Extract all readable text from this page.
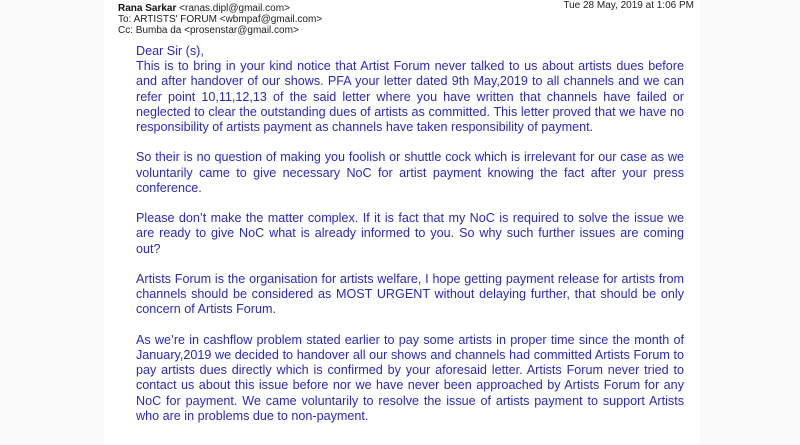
Rana Sarkar <ranas.dipl@gmail.com>
To: ARTISTS' FORUM <wbmpaf@gmail.com>
Cc: Bumba da <prosenstar@gmail.com>
Tue 28 May, 2019 at 1:06 PM

Dear Sir (s),

This is to bring in your kind notice that Artist Forum never talked to us about artists dues before and after handover of our shows. PFA your letter dated 9th May,2019 to all channels and we can refer point 10,11,12,13 of the said letter where you have written that channels have failed or neglected to clear the outstanding dues of artists as committed. This letter proved that we have no responsibility of artists payment as channels have taken responsibility of payment.

So their is no question of making you foolish or shuttle cock which is irrelevant for our case as we voluntarily came to give necessary NoC for artist payment knowing the fact after your press conference.

Please don’t make the matter complex. If it is fact that my NoC is required to solve the issue we are ready to give NoC what is already informed to you. So why such further issues are coming out?

Artists Forum is the organisation for artists welfare, I hope getting payment release for artists from channels should be considered as MOST URGENT without delaying further, that should be only concern of Artists Forum.

As we’re in cashflow problem stated earlier to pay some artists in proper time since the month of January,2019 we decided to handover all our shows and channels had committed Artists Forum to pay artists dues directly which is confirmed by your aforesaid letter. Artists Forum never tried to contact us about this issue before nor we have never been approached by Artists Forum for any NoC for payment. We came voluntarily to resolve the issue of artists payment to support Artists who are in problems due to non-payment.
